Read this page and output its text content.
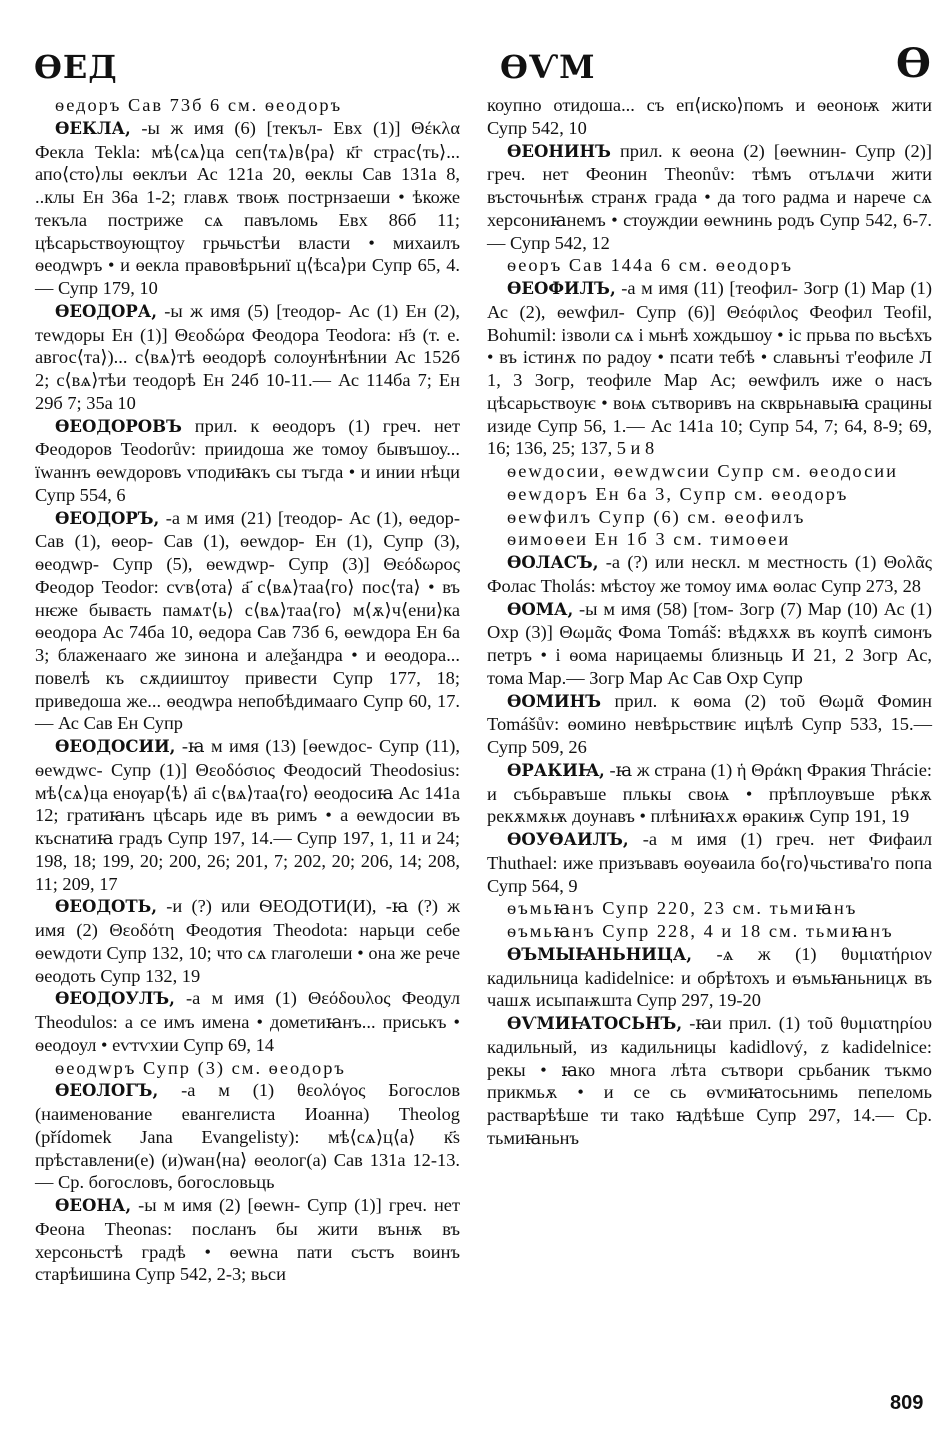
ѲЕД	ѲѴМ	Ѳ

ѳедоръ Сав 73б 6 см. ѳеодоръ

ѲЕКЛА, -ы ж имя (6) [текъл- Евх (1)] Θέκλα Фекла Tekla: мѣ⟨сѧ⟩ца сеп⟨тѧ⟩в⟨ра⟩ к҃г страс⟨ть⟩... апо⟨сто⟩лы ѳеклъи Ас 121а 20, ѳеклы Сав 131а 8, ..клы Ен 36а 1-2; главѫ твоѭ пострнзаеши • ѣкоже текъла постриже сѧ павъломь Евх 86б 11; цѣсарьствоующтоу грьчьстѣи власти • михаилъ ѳеодwръ • и ѳекла правовѣрьниї ц⟨ѣса⟩ри Супр 65, 4.— Супр 179, 10

ѲЕОДОРА, -ы ж имя (5) [теодор- Ас (1) Ен (2), теwдоры Ен (1)] Θεοδώρα Феодора Teodora: н҃з (т. е. авгос⟨та⟩)... с⟨вѧ⟩тѣ ѳеодорѣ солоунѣнѣнии Ас 152б 2; с⟨вѧ⟩тѣи теодорѣ Ен 24б 10-11.— Ас 114ба 7; Ен 29б 7; 35а 10

ѲЕОДОРОВЪ прил. к ѳеодоръ (1) греч. нет Феодоров Teodorův: приидоша же томоу бывъшоу... їwаннъ ѳеwдоровъ ѵподиꙗкъ сы тъгда • и инии нѣци Супр 554, 6

ѲЕОДОРЪ, -а м имя (21) [теодор- Ас (1), ѳедор- Сав (1), ѳеор- Сав (1), ѳеwдор- Ен (1), Супр (3), ѳеодwр- Супр (5), ѳеwдwр- Супр (3)] Θεόδωρος Феодор Teodor: сѵв⟨ота⟩ а҃ с⟨вѧ⟩таа⟨го⟩ пос⟨та⟩ • въ нѥже бываєть памѧт⟨ь⟩ с⟨вѧ⟩таа⟨го⟩ м⟨ѫ⟩ч⟨ени⟩ка ѳеодора Ас 74ба 10, ѳедора Сав 73б 6, ѳеwдора Ен 6а 3; блаженааго же зинона и алеѯандра • и ѳеодора... повелѣ къ сѫдииштоу привести Супр 177, 18; приведоша же... ѳеодwра непобѣдимааго Супр 60, 17.— Ас Сав Ен Супр

ѲЕОДОСИИ, -ꙗ м имя (13) [ѳеwдос- Супр (11), ѳеwдwс- Супр (1)] Θεοδόσιος Феодосий Theodosius: мѣ⟨сѧ⟩ца енѹар⟨ѣ⟩ а҃і с⟨вѧ⟩таа⟨го⟩ ѳеодосиꙗ Ас 141а 12; гратиꙗнъ цѣсарь иде въ римъ • а ѳеwдосии въ къснатиꙗ градъ Супр 197, 14.— Супр 197, 1, 11 и 24; 198, 18; 199, 20; 200, 26; 201, 7; 202, 20; 206, 14; 208, 11; 209, 17

ѲЕОДОТЬ, -и (?) или ѲЕОДОТИ(И), -ꙗ (?) ж имя (2) Θεοδότη Феодотия Theodota: нарьци себе ѳеwдоти Супр 132, 10; что сѧ глаголеши • она же рече ѳеодоть Супр 132, 19

ѲЕОДОУЛЪ, -а м имя (1) Θεόδουλος Феодул Theodulos: а се имъ имена • дометиꙗнъ... приськъ • ѳеодоул • еѵтѵхии Супр 69, 14

ѳеодwръ Супр (3) см. ѳеодоръ

ѲЕОЛОГЪ, -а м (1) θεολόγος Богослов (наименование евангелиста Иоанна) Theolog (přídomek Jana Evangelisty): мѣ⟨сѧ⟩ц⟨а⟩ к҃s прѣставлени(е) (и)wан⟨на⟩ ѳеолог(а) Сав 131а 12-13.— Ср. богословъ, богословьць

ѲЕОНА, -ы м имя (2) [ѳеwн- Супр (1)] греч. нет Феона Theonas: посланъ бы жити вънѭ въ херсоньстѣ градѣ • ѳеwна пати състъ воинъ старѣишина Супр 542, 2-3; вьси

коупно отидоша... съ еп⟨иско⟩помъ и ѳеоноѭ жити Супр 542, 10

ѲЕОНИНЪ прил. к ѳеона (2) [ѳеwнин- Супр (2)] греч. нет Феонин Theonův: тѣмъ отълѧчи жити въсточьнѣѭ странѫ града • да того радма и нарече сѧ херсониꙗнемъ • стоуждии ѳеwнинь родъ Супр 542, 6-7.— Супр 542, 12

ѳеоръ Сав 144а 6 см. ѳеодоръ

ѲЕОФИЛЪ, -а м имя (11) [теофил- Зогр (1) Мар (1) Ас (2), ѳеwфил- Супр (6)] Θεόφιλος Феофил Teofil, Bohumil: ізволи сѧ і мьнѣ хождьшоу • іс прьва по вьсѣхъ • въ істинѫ по радоу • псати тебѣ • славьнъі т'еофиле Л 1, 3 Зогр, теофиле Мар Ас; ѳеwфилъ иже о насъ цѣсарьствоуѥ • воѩ сътворивъ на скврьнавыꙗ срацины изиде Супр 56, 1.— Ас 141а 10; Супр 54, 7; 64, 8-9; 69, 16; 136, 25; 137, 5 и 8

ѳеwдосии, ѳеwдwсии Супр см. ѳеодосии

ѳеwдоръ Ен 6а 3, Супр см. ѳеодоръ

ѳеwфилъ Супр (6) см. ѳеофилъ

ѳимоѳеи Ен 1б 3 см. тимоѳеи

ѲОЛАСЪ, -а (?) или нескл. м местность (1) Θολᾶς Фолас Tholás: мѣстоу же томоу имѧ ѳолас Супр 273, 28

ѲОМА, -ы м имя (58) [том- Зогр (7) Мар (10) Ас (1) Охр (3)] Θωμᾶς Фома Tomáš: вѣдѫхѫ въ коупѣ симонъ петръ • і ѳома нарицаемы близньць И 21, 2 Зогр Ас, тома Мар.— Зогр Мар Ас Сав Охр Супр

ѲОМИНЪ прил. к ѳома (2) τοῦ Θωμᾶ Фомин Tomášův: ѳомино невѣрьствиѥ ицѣлѣ Супр 533, 15.— Супр 509, 26

ѲРАКИꙖ, -ꙗ ж страна (1) ἡ Θράκη Фракия Thrácie: и събьравъше плькы своѩ • прѣплоувъше рѣкѫ рекѫмѫѭ доунавъ • плѣниꙗхѫ ѳракиѭ Супр 191, 19

ѲОУѲАИЛЪ, -а м имя (1) греч. нет Фифаил Thuthael: иже призъвавъ ѳоуѳаила бо⟨го⟩чьстива'го попа Супр 564, 9

ѳъмьꙗнъ Супр 220, 23 см. тьмиꙗнъ

ѳъмьꙗнъ Супр 228, 4 и 18 см. тьмиꙗнъ

ѲЪМЫꙖНЬНИЦА, -ѧ ж (1) θυμιατήριον кадильница kadidelnice: и обрѣтохъ и ѳъмьꙗньницѫ въ чашѫ исыпаѭшта Супр 297, 19-20

ѲѴМИꙖТОСЬНЪ, -ꙗи прил. (1) τοῦ θυμιατηρίου кадильный, из кадильницы kadidlový, z kadidelnice: рекы • ꙗко многа лѣта сътвори срьбаник тъкмо прикмьѫ • и се сь ѳѵмиꙗтосьнимь пепеломь растварѣѣше ти тако ꙗдѣѣше Супр 297, 14.— Ср. тьмиꙗньнъ

809
